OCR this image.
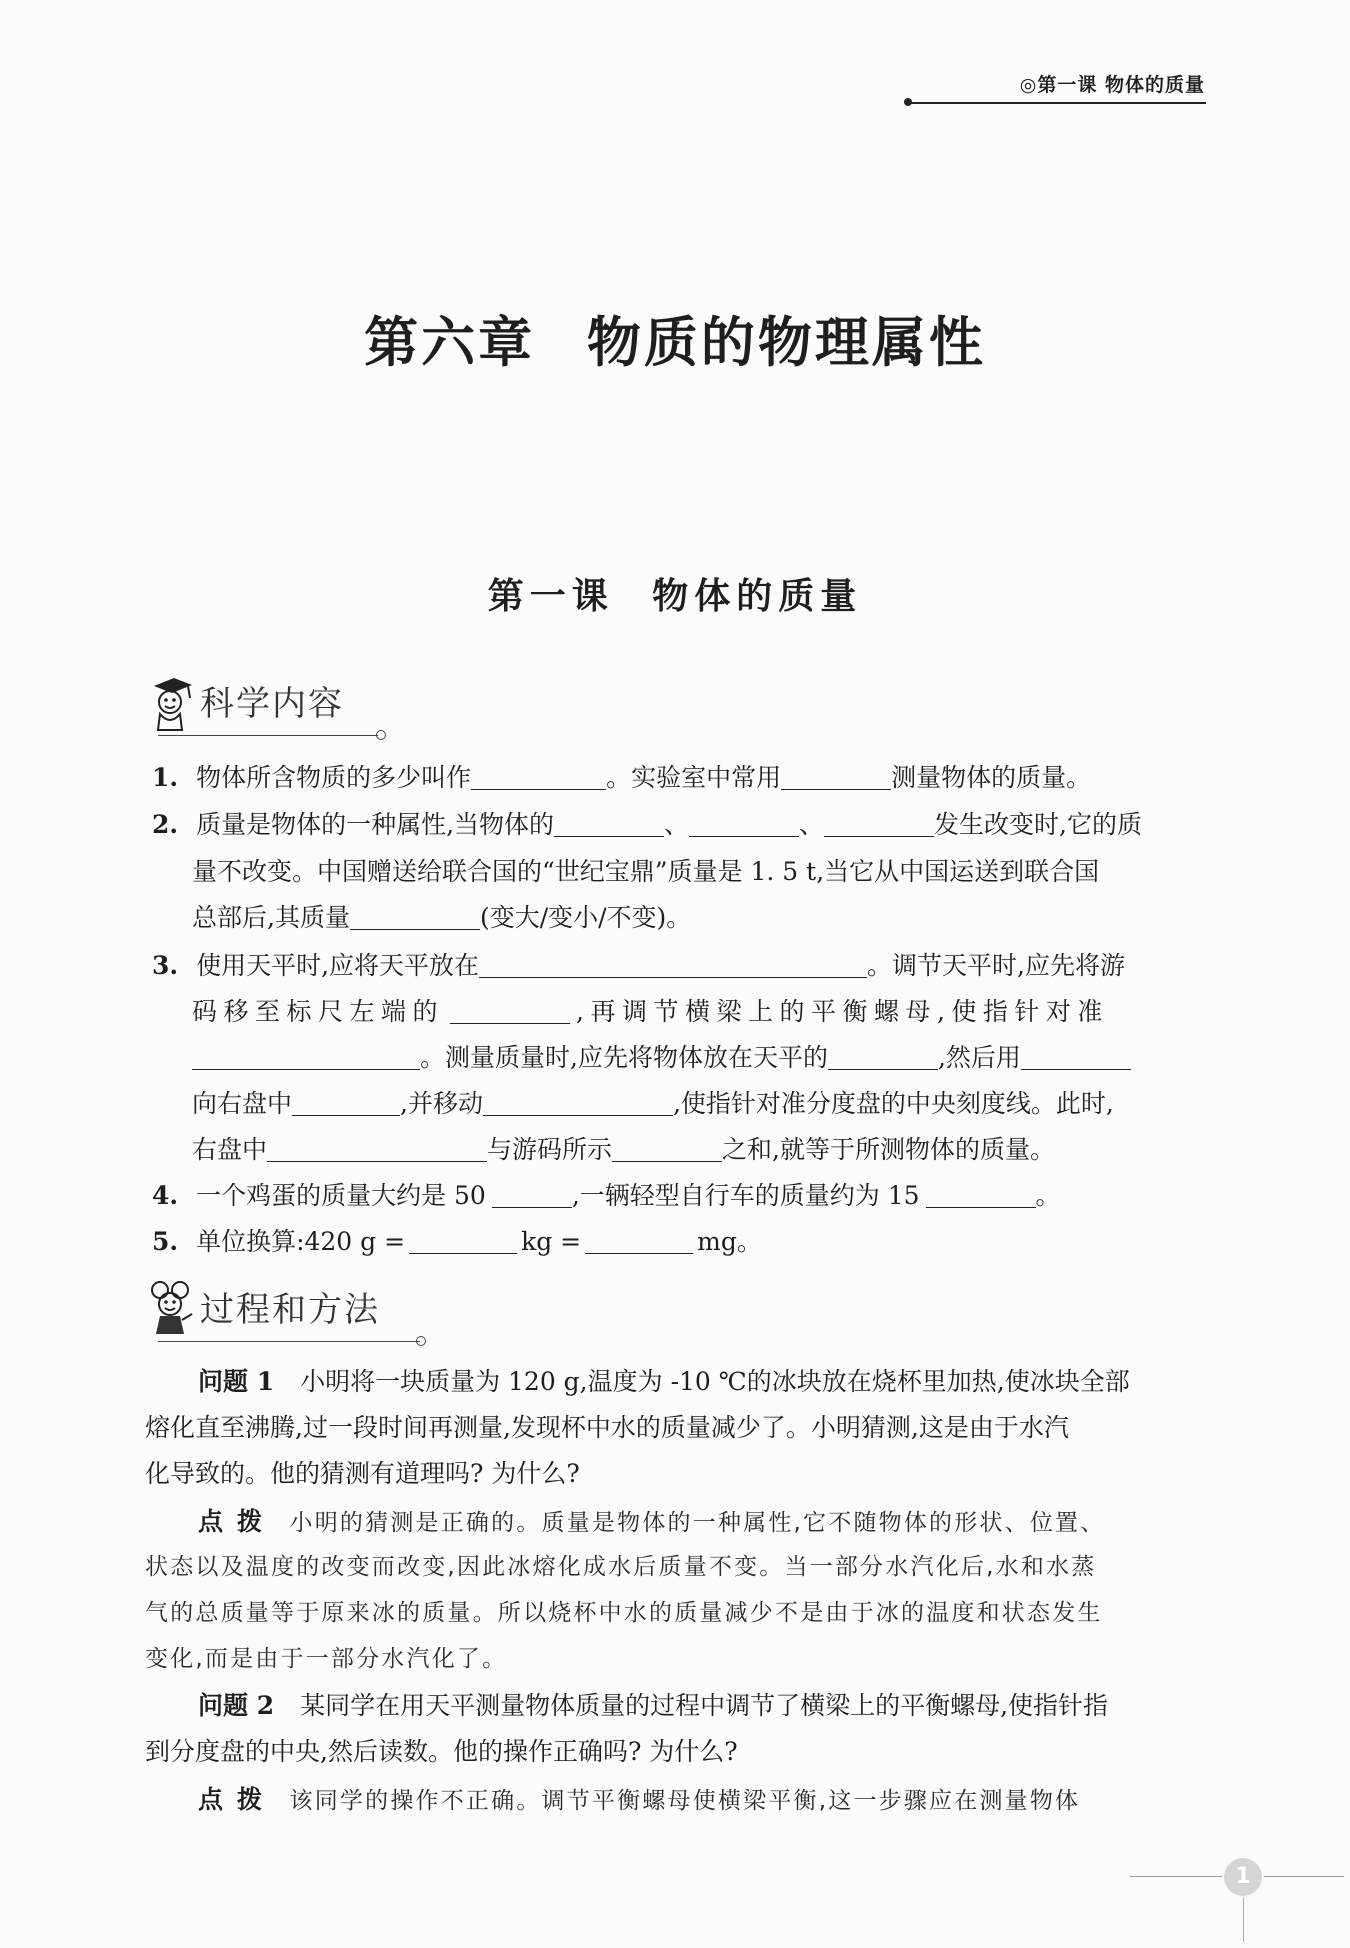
◎第一课 物体的质量
第六章 物质的物理属性
第一课 物体的质量
科学内容
1. 物体所含物质的多少叫作	。实验室中常用	测量物体的质量。
2. 质量是物体的一种属性,当物体的	、	、	发生改变时,它的质
量不改变。中国赠送给联合国的“世纪宝鼎”质量是 1. 5 t,当它从中国运送到联合国
总部后,其质量	(变大/变小/不变)。
3. 使用天平时,应将天平放在	。调节天平时,应先将游
码移至标尺左端的	,再调节横梁上的平衡螺母,使指针对准
。测量质量时,应先将物体放在天平的	,然后用
向右盘中	,并移动	,使指针对准分度盘的中央刻度线。此时,
右盘中	与游码所示	之和,就等于所测物体的质量。
4. 一个鸡蛋的质量大约是 50	,一辆轻型自行车的质量约为 15	。
5. 单位换算:420 g =	kg =	mg。
过程和方法
问题 1 小明将一块质量为 120 g,温度为 -10 ℃的冰块放在烧杯里加热,使冰块全部
熔化直至沸腾,过一段时间再测量,发现杯中水的质量减少了。小明猜测,这是由于水汽
化导致的。他的猜测有道理吗? 为什么?
点拨 小明的猜测是正确的。质量是物体的一种属性,它不随物体的形状、位置、
状态以及温度的改变而改变,因此冰熔化成水后质量不变。当一部分水汽化后,水和水蒸
气的总质量等于原来冰的质量。所以烧杯中水的质量减少不是由于冰的温度和状态发生
变化,而是由于一部分水汽化了。
问题 2 某同学在用天平测量物体质量的过程中调节了横梁上的平衡螺母,使指针指
到分度盘的中央,然后读数。他的操作正确吗? 为什么?
点拨 该同学的操作不正确。调节平衡螺母使横梁平衡,这一步骤应在测量物体
1
